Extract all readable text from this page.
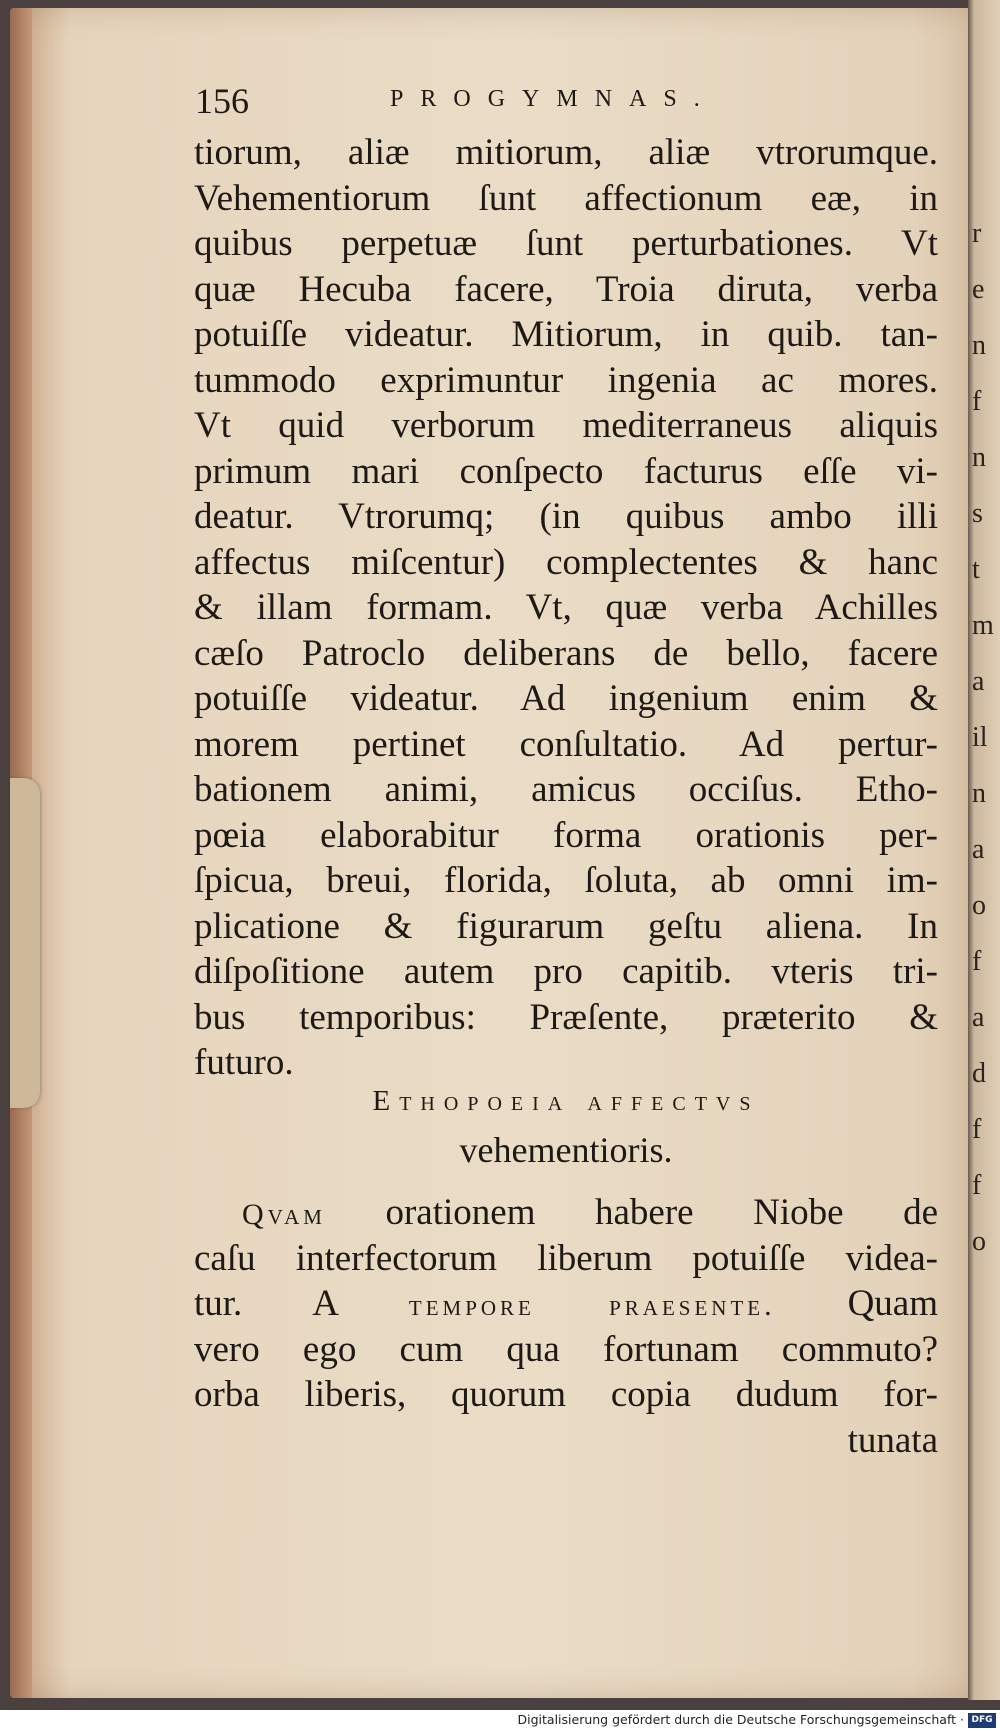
r
e
n
f
n
s
t
m
a
il
n
a
o
f
a
d
f
f
o
156	PROGYMNAS.
tiorum, aliæ mitiorum, aliæ vtrorumque.
Vehementiorum ſunt affectionum eæ, in
quibus perpetuæ ſunt perturbationes. Vt
quæ Hecuba facere, Troia diruta, verba
potuiſſe videatur. Mitiorum, in quib. tan-
tummodo exprimuntur ingenia ac mores.
Vt quid verborum mediterraneus aliquis
primum mari conſpecto facturus eſſe vi-
deatur. Vtrorumq; (in quibus ambo illi
affectus miſcentur) complectentes & hanc
& illam formam. Vt, quæ verba Achilles
cæſo Patroclo deliberans de bello, facere
potuiſſe videatur. Ad ingenium enim &
morem pertinet conſultatio. Ad pertur-
bationem animi, amicus occiſus. Etho-
pœia elaborabitur forma orationis per-
ſpicua, breui, florida, ſoluta, ab omni im-
plicatione & figurarum geſtu aliena. In
diſpoſitione autem pro capitib. vteris tri-
bus temporibus: Præſente, præterito &
futuro.
Ethopoeia affectvs
vehementioris.
Qvam orationem habere Niobe de
caſu interfectorum liberum potuiſſe videa-
tur. A tempore praesente. Quam
vero ego cum qua fortunam commuto?
orba liberis, quorum copia dudum for-
tunata
Digitalisierung gefördert durch die Deutsche Forschungsgemeinschaft · DFG
